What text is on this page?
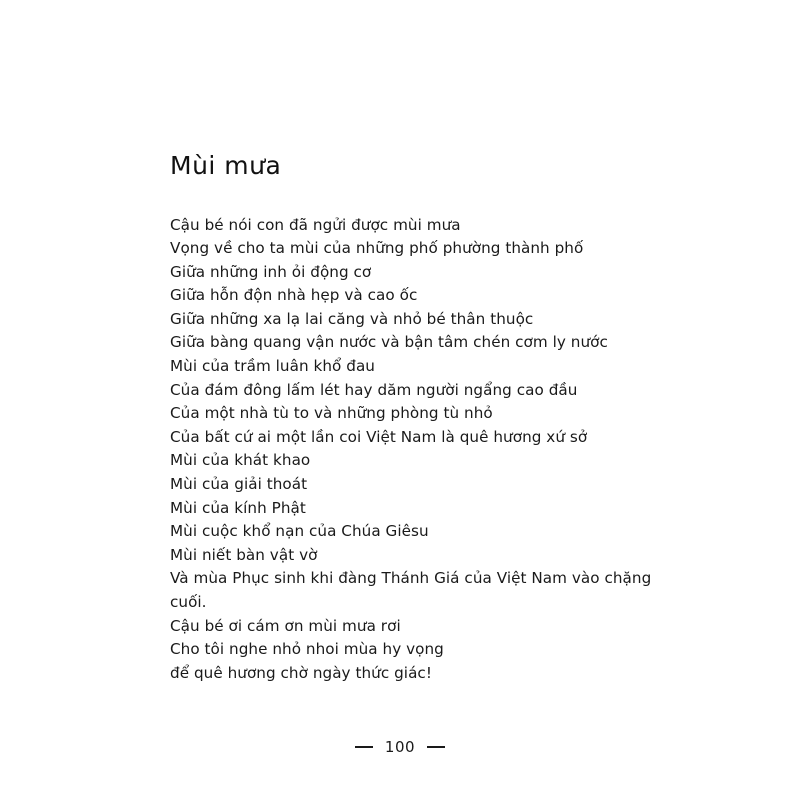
Mùi mưa
Cậu bé nói con đã ngửi được mùi mưa
Vọng về cho ta mùi của những phố phường thành phố
Giữa những inh ỏi động cơ
Giữa hỗn độn nhà hẹp và cao ốc
Giữa những xa lạ lai căng và nhỏ bé thân thuộc
Giữa bàng quang vận nước và bận tâm chén cơm ly nước
Mùi của trầm luân khổ đau
Của đám đông lấm lét hay dăm người ngẩng cao đầu
Của một nhà tù to và những phòng tù nhỏ
Của bất cứ ai một lần coi Việt Nam là quê hương xứ sở
Mùi của khát khao
Mùi của giải thoát
Mùi của kính Phật
Mùi cuộc khổ nạn của Chúa Giêsu
Mùi niết bàn vật vờ
Và mùa Phục sinh khi đàng Thánh Giá của Việt Nam vào chặng cuối.
Cậu bé ơi cám ơn mùi mưa rơi
Cho tôi nghe nhỏ nhoi mùa hy vọng
để quê hương chờ ngày thức giác!
100
